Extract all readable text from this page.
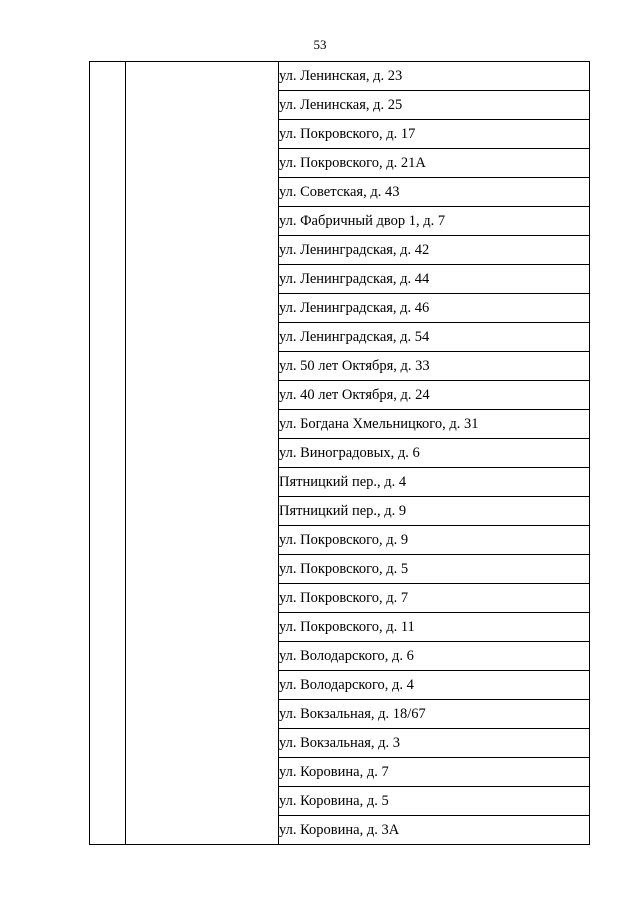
53
		ул. Ленинская, д. 23
ул. Ленинская, д. 25
ул. Покровского, д. 17
ул. Покровского, д. 21А
ул. Советская, д. 43
ул. Фабричный двор 1, д. 7
ул. Ленинградская, д. 42
ул. Ленинградская, д. 44
ул. Ленинградская, д. 46
ул. Ленинградская, д. 54
ул. 50 лет Октября, д. 33
ул. 40 лет Октября, д. 24
ул. Богдана Хмельницкого, д. 31
ул. Виноградовых, д. 6
Пятницкий пер., д. 4
Пятницкий пер., д. 9
ул. Покровского, д. 9
ул. Покровского, д. 5
ул. Покровского, д. 7
ул. Покровского, д. 11
ул. Володарского, д. 6
ул. Володарского, д. 4
ул. Вокзальная, д. 18/67
ул. Вокзальная, д. 3
ул. Коровина, д. 7
ул. Коровина, д. 5
ул. Коровина, д. 3А
